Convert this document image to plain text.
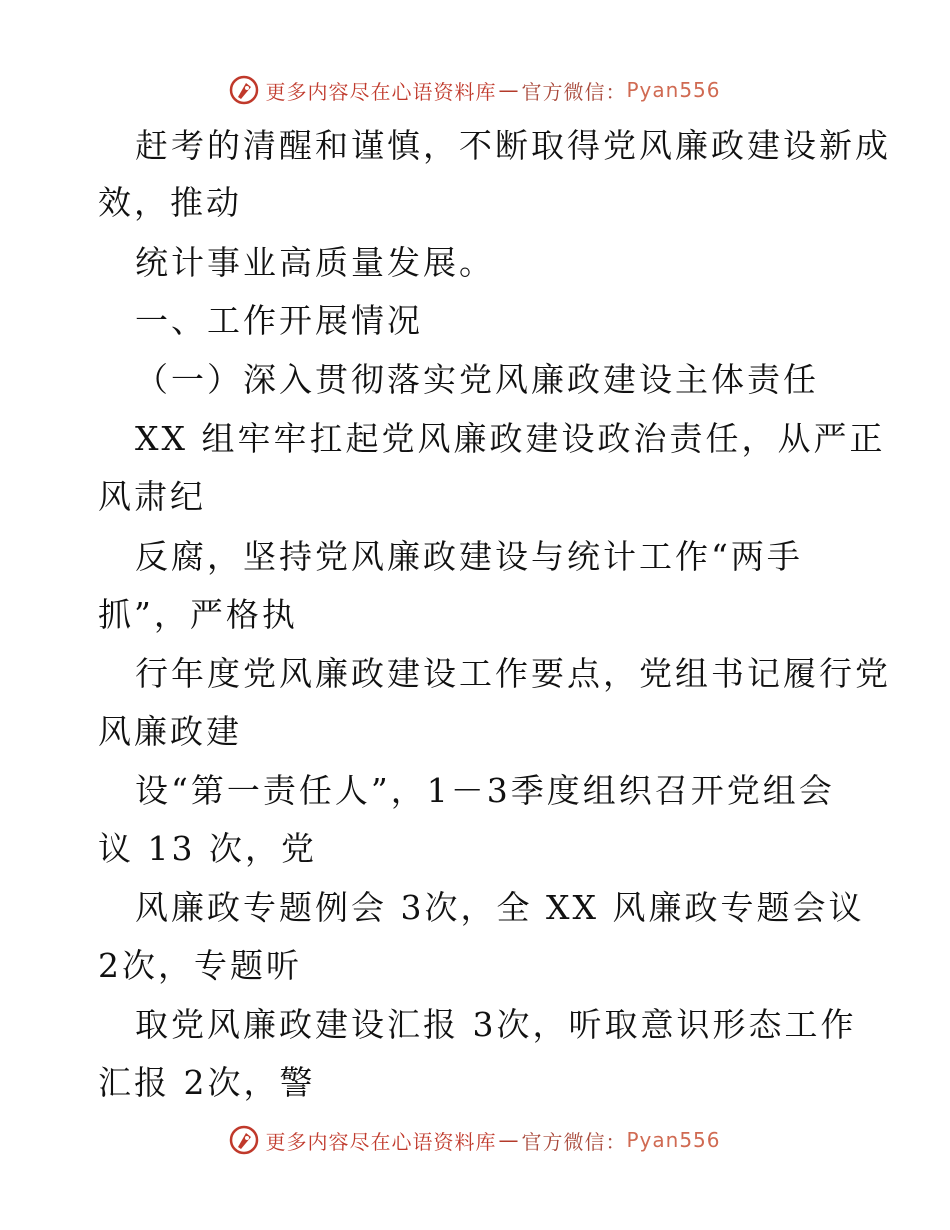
更多内容尽在心语资料库 — 官方微信： Pyan556
赶考的清醒和谨慎，不断取得党风廉政建设新成
效，推动
统计事业高质量发展。
一、工作开展情况
（一）深入贯彻落实党风廉政建设主体责任
XX 组牢牢扛起党风廉政建设政治责任，从严正
风肃纪
反腐，坚持党风廉政建设与统计工作“两手
抓”，严格执
行年度党风廉政建设工作要点，党组书记履行党
风廉政建
设“第一责任人”，1－3季度组织召开党组会
议 13 次，党
风廉政专题例会 3次，全 XX 风廉政专题会议
2次，专题听
取党风廉政建设汇报 3次，听取意识形态工作
汇报 2次，警
更多内容尽在心语资料库 — 官方微信： Pyan556
